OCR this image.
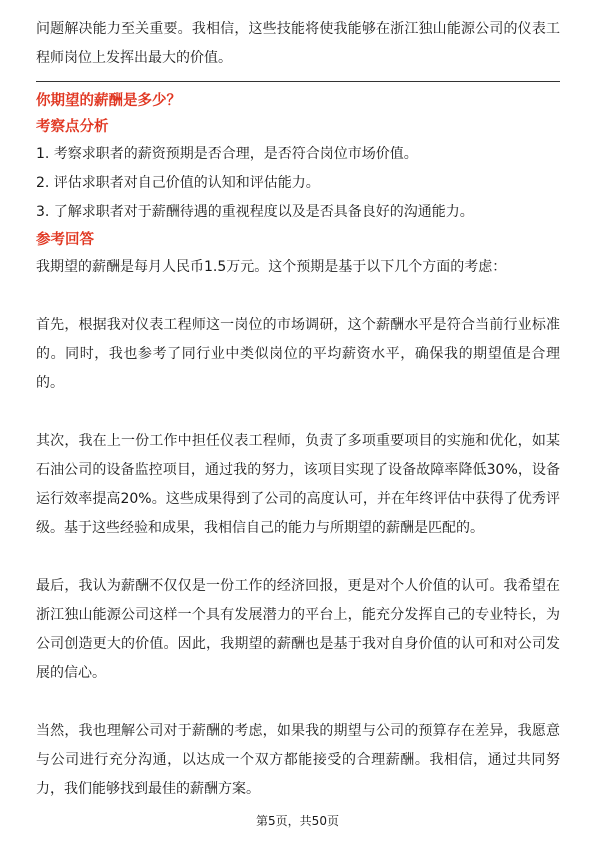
问题解决能力至关重要。我相信，这些技能将使我能够在浙江独山能源公司的仪表工程师岗位上发挥出最大的价值。

你期望的薪酬是多少？

考察点分析

1. 考察求职者的薪资预期是否合理，是否符合岗位市场价值。
2. 评估求职者对自己价值的认知和评估能力。
3. 了解求职者对于薪酬待遇的重视程度以及是否具备良好的沟通能力。

参考回答

我期望的薪酬是每月人民币1.5万元。这个预期是基于以下几个方面的考虑：

首先，根据我对仪表工程师这一岗位的市场调研，这个薪酬水平是符合当前行业标准的。同时，我也参考了同行业中类似岗位的平均薪资水平，确保我的期望值是合理的。

其次，我在上一份工作中担任仪表工程师，负责了多项重要项目的实施和优化，如某石油公司的设备监控项目，通过我的努力，该项目实现了设备故障率降低30%，设备运行效率提高20%。这些成果得到了公司的高度认可，并在年终评估中获得了优秀评级。基于这些经验和成果，我相信自己的能力与所期望的薪酬是匹配的。

最后，我认为薪酬不仅仅是一份工作的经济回报，更是对个人价值的认可。我希望在浙江独山能源公司这样一个具有发展潜力的平台上，能充分发挥自己的专业特长，为公司创造更大的价值。因此，我期望的薪酬也是基于我对自身价值的认可和对公司发展的信心。

当然，我也理解公司对于薪酬的考虑，如果我的期望与公司的预算存在差异，我愿意与公司进行充分沟通，以达成一个双方都能接受的合理薪酬。我相信，通过共同努力，我们能够找到最佳的薪酬方案。

第5页，共50页
